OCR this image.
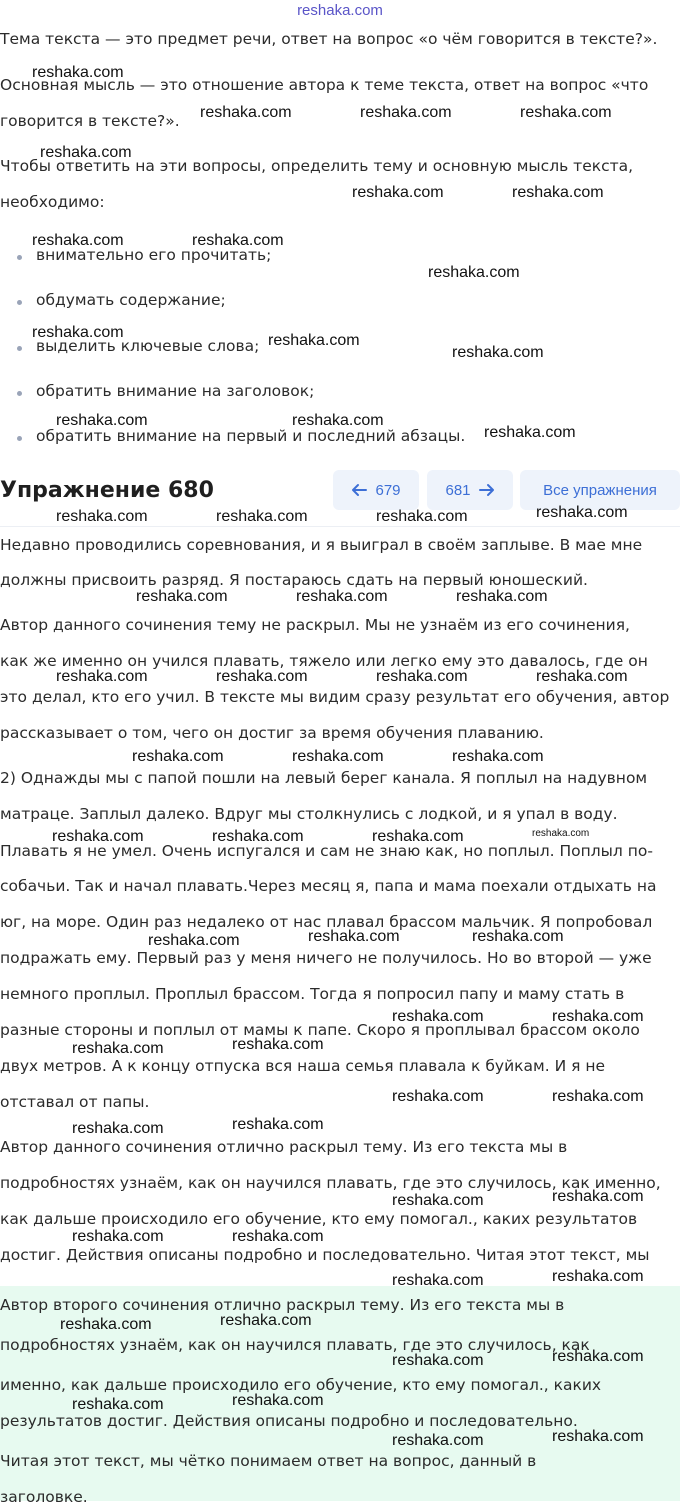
reshaka.com
Тема текста — это предмет речи, ответ на вопрос «о чём говорится в тексте?».
Основная мысль — это отношение автора к теме текста, ответ на вопрос «что
говорится в тексте?».
Чтобы ответить на эти вопросы, определить тему и основную мысль текста,
необходимо:
внимательно его прочитать;
обдумать содержание;
выделить ключевые слова;
обратить внимание на заголовок;
обратить внимание на первый и последний абзацы.
Упражнение 680	679	681	Все упражнения
Недавно проводились соревнования, и я выиграл в своём заплыве. В мае мне
должны присвоить разряд. Я постараюсь сдать на первый юношеский.
Автор данного сочинения тему не раскрыл. Мы не узнаём из его сочинения,
как же именно он учился плавать, тяжело или легко ему это давалось, где он
это делал, кто его учил. В тексте мы видим сразу результат его обучения, автор
рассказывает о том, чего он достиг за время обучения плаванию.
2) Однажды мы с папой пошли на левый берег канала. Я поплыл на надувном
матраце. Заплыл далеко. Вдруг мы столкнулись с лодкой, и я упал в воду.
Плавать я не умел. Очень испугался и сам не знаю как, но поплыл. Поплыл по-
собачьи. Так и начал плавать.Через месяц я, папа и мама поехали отдыхать на
юг, на море. Один раз недалеко от нас плавал брассом мальчик. Я попробовал
подражать ему. Первый раз у меня ничего не получилось. Но во второй — уже
немного проплыл. Проплыл брассом. Тогда я попросил папу и маму стать в
разные стороны и поплыл от мамы к папе. Скоро я проплывал брассом около
двух метров. А к концу отпуска вся наша семья плавала к буйкам. И я не
отставал от папы.
Автор данного сочинения отлично раскрыл тему. Из его текста мы в
подробностях узнаём, как он научился плавать, где это случилось, как именно,
как дальше происходило его обучение, кто ему помогал., каких результатов
достиг. Действия описаны подробно и последовательно. Читая этот текст, мы
Автор второго сочинения отлично раскрыл тему. Из его текста мы в
подробностях узнаём, как он научился плавать, где это случилось, как
именно, как дальше происходило его обучение, кто ему помогал., каких
результатов достиг. Действия описаны подробно и последовательно.
Читая этот текст, мы чётко понимаем ответ на вопрос, данный в
заголовке.
reshaka.com
reshaka.com	reshaka.com	reshaka.com
reshaka.com
reshaka.com	reshaka.com
reshaka.com	reshaka.com
reshaka.com
reshaka.com	reshaka.com
reshaka.com
reshaka.com	reshaka.com
reshaka.com
reshaka.com	reshaka.com	reshaka.com	reshaka.com
reshaka.com	reshaka.com	reshaka.com
reshaka.com	reshaka.com	reshaka.com	reshaka.com
reshaka.com	reshaka.com	reshaka.com
reshaka.com	reshaka.com	reshaka.com	reshaka.com
reshaka.com	reshaka.com	reshaka.com
reshaka.com	reshaka.com
reshaka.com	reshaka.com
reshaka.com	reshaka.com
reshaka.com	reshaka.com
reshaka.com	reshaka.com
reshaka.com	reshaka.com
reshaka.com	reshaka.com
reshaka.com	reshaka.com
reshaka.com	reshaka.com
reshaka.com	reshaka.com
reshaka.com	reshaka.com
